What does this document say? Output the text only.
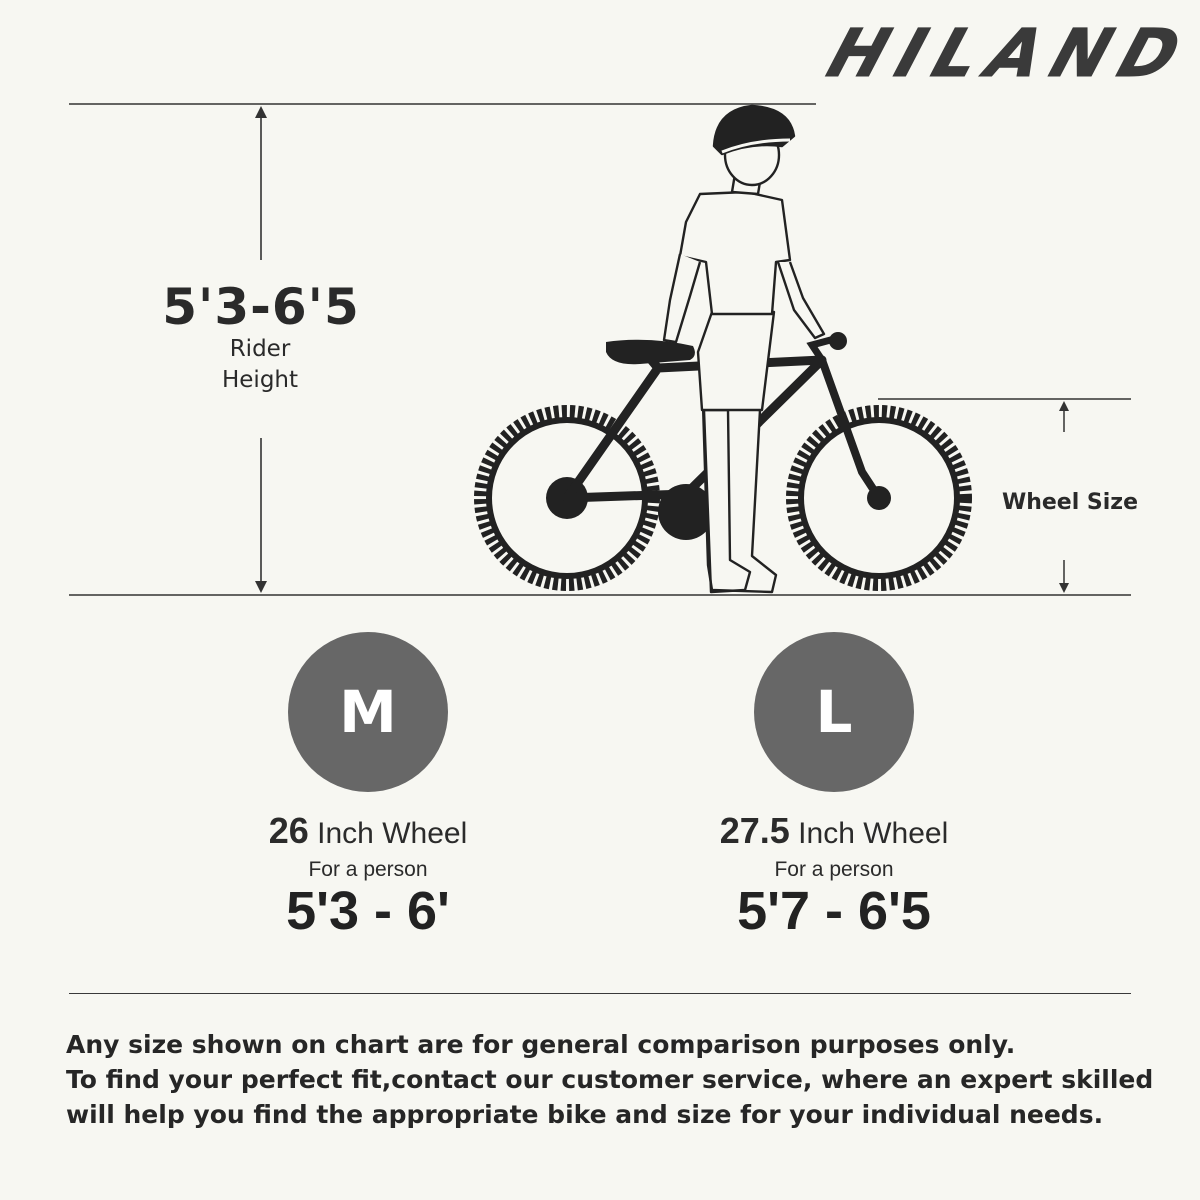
HILAND
5'3-6'5
Rider
Height
Wheel Size
M
26 Inch Wheel
For a person
5'3 - 6'
L
27.5 Inch Wheel
For a person
5'7 - 6'5
Any size shown on chart are for general comparison purposes only.
To find your perfect fit,contact our customer service, where an expert skilled
will help you find the appropriate bike and size for your individual needs.
